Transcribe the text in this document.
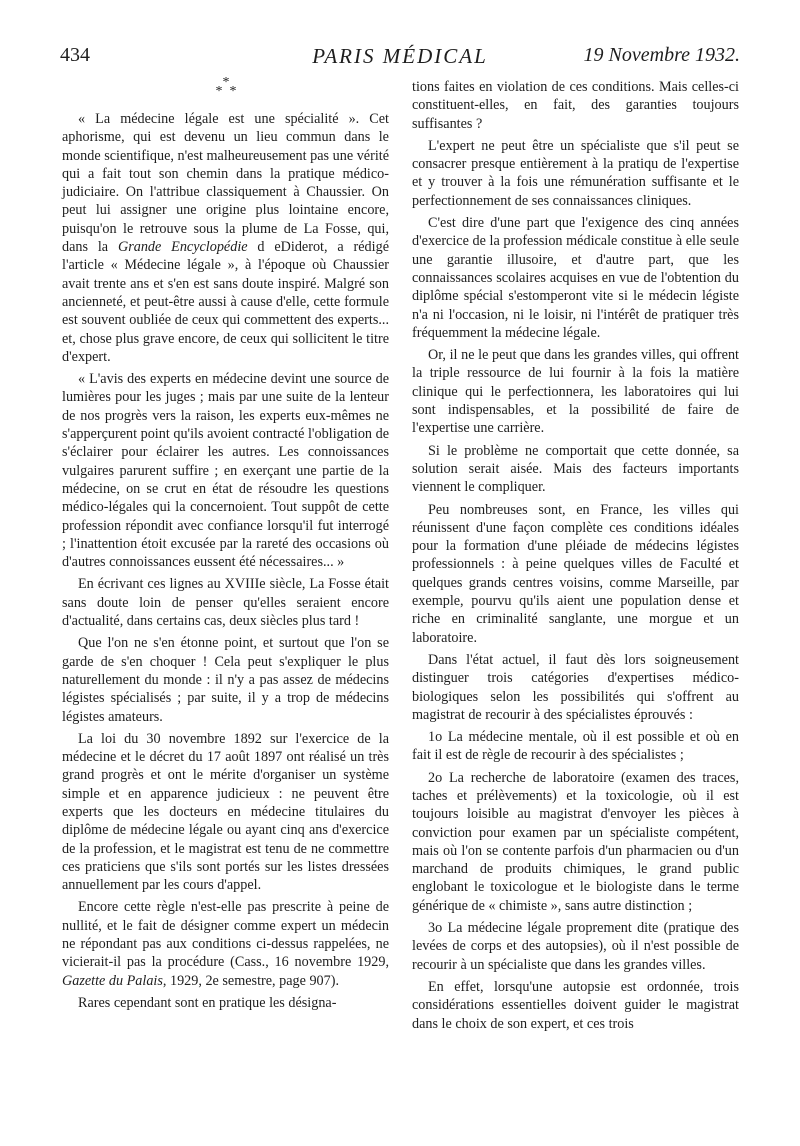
434	PARIS MÉDICAL	19 Novembre 1932.
*
* *

« La médecine légale est une spécialité ». Cet aphorisme, qui est devenu un lieu commun dans le monde scientifique, n'est malheureusement pas une vérité qui a fait tout son chemin dans la pratique médico-judiciaire. On l'attribue classiquement à Chaussier. On peut lui assigner une origine plus lointaine encore, puisqu'on le retrouve sous la plume de La Fosse, qui, dans la Grande Encyclopédie d eDiderot, a rédigé l'article « Médecine légale », à l'époque où Chaussier avait trente ans et s'en est sans doute inspiré. Malgré son ancienneté, et peut-être aussi à cause d'elle, cette formule est souvent oubliée de ceux qui commettent des experts... et, chose plus grave encore, de ceux qui sollicitent le titre d'expert.

« L'avis des experts en médecine devint une source de lumières pour les juges ; mais par une suite de la lenteur de nos progrès vers la raison, les experts eux-mêmes ne s'apperçurent point qu'ils avoient contracté l'obligation de s'éclairer pour éclairer les autres. Les connoissances vulgaires parurent suffire ; en exerçant une partie de la médecine, on se crut en état de résoudre les questions médico-légales qui la concernoient. Tout suppôt de cette profession répondit avec confiance lorsqu'il fut interrogé ; l'inattention étoit excusée par la rareté des occasions où d'autres connoissances eussent été nécessaires... »

En écrivant ces lignes au XVIIIe siècle, La Fosse était sans doute loin de penser qu'elles seraient encore d'actualité, dans certains cas, deux siècles plus tard !

Que l'on ne s'en étonne point, et surtout que l'on se garde de s'en choquer ! Cela peut s'expliquer le plus naturellement du monde : il n'y a pas assez de médecins légistes spécialisés ; par suite, il y a trop de médecins légistes amateurs.

La loi du 30 novembre 1892 sur l'exercice de la médecine et le décret du 17 août 1897 ont réalisé un très grand progrès et ont le mérite d'organiser un système simple et en apparence judicieux : ne peuvent être experts que les docteurs en médecine titulaires du diplôme de médecine légale ou ayant cinq ans d'exercice de la profession, et le magistrat est tenu de ne commettre ces praticiens que s'ils sont portés sur les listes dressées annuellement par les cours d'appel.

Encore cette règle n'est-elle pas prescrite à peine de nullité, et le fait de désigner comme expert un médecin ne répondant pas aux conditions ci-dessus rappelées, ne vicierait-il pas la procédure (Cass., 16 novembre 1929, Gazette du Palais, 1929, 2e semestre, page 907).

Rares cependant sont en pratique les désigna-

tions faites en violation de ces conditions. Mais celles-ci constituent-elles, en fait, des garanties toujours suffisantes ?

L'expert ne peut être un spécialiste que s'il peut se consacrer presque entièrement à la pratiqu de l'expertise et y trouver à la fois une rémunération suffisante et le perfectionnement de ses connaissances cliniques.

C'est dire d'une part que l'exigence des cinq années d'exercice de la profession médicale constitue à elle seule une garantie illusoire, et d'autre part, que les connaissances scolaires acquises en vue de l'obtention du diplôme spécial s'estomperont vite si le médecin légiste n'a ni l'occasion, ni le loisir, ni l'intérêt de pratiquer très fréquemment la médecine légale.

Or, il ne le peut que dans les grandes villes, qui offrent la triple ressource de lui fournir à la fois la matière clinique qui le perfectionnera, les laboratoires qui lui sont indispensables, et la possibilité de faire de l'expertise une carrière.

Si le problème ne comportait que cette donnée, sa solution serait aisée. Mais des facteurs importants viennent le compliquer.

Peu nombreuses sont, en France, les villes qui réunissent d'une façon complète ces conditions idéales pour la formation d'une pléiade de médecins légistes professionnels : à peine quelques villes de Faculté et quelques grands centres voisins, comme Marseille, par exemple, pourvu qu'ils aient une population dense et riche en criminalité sanglante, une morgue et un laboratoire.

Dans l'état actuel, il faut dès lors soigneusement distinguer trois catégories d'expertises médico-biologiques selon les possibilités qui s'offrent au magistrat de recourir à des spécialistes éprouvés :

1o La médecine mentale, où il est possible et où en fait il est de règle de recourir à des spécialistes ;

2o La recherche de laboratoire (examen des traces, taches et prélèvements) et la toxicologie, où il est toujours loisible au magistrat d'envoyer les pièces à conviction pour examen par un spécialiste compétent, mais où l'on se contente parfois d'un pharmacien ou d'un marchand de produits chimiques, le grand public englobant le toxicologue et le biologiste dans le terme générique de « chimiste », sans autre distinction ;

3o La médecine légale proprement dite (pratique des levées de corps et des autopsies), où il n'est possible de recourir à un spécialiste que dans les grandes villes.

En effet, lorsqu'une autopsie est ordonnée, trois considérations essentielles doivent guider le magistrat dans le choix de son expert, et ces trois
